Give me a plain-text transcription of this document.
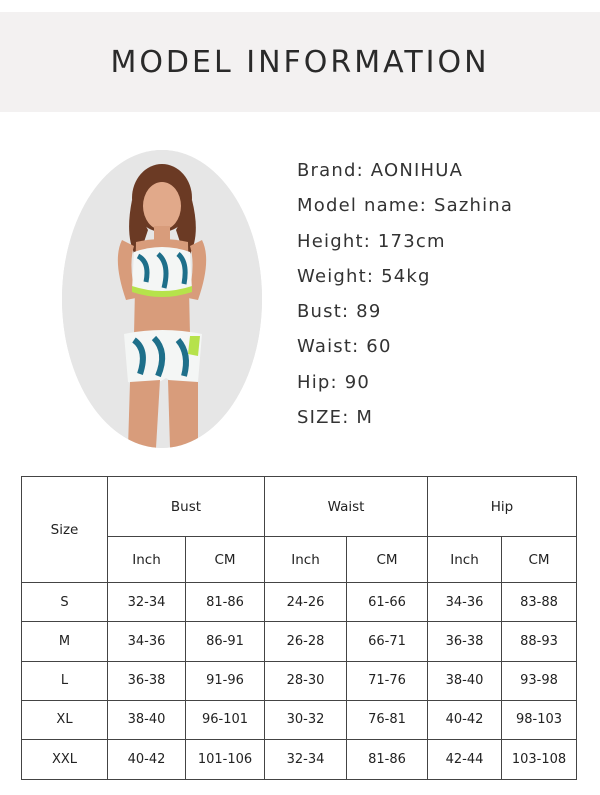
MODEL INFORMATION
Brand: AONIHUA
Model name: Sazhina
Height: 173cm
Weight: 54kg
Bust: 89
Waist: 60
Hip: 90
SIZE: M
Size	Bust		Waist		Hip	
	Inch	CM	Inch	CM	Inch	CM
S	32-34	81-86	24-26	61-66	34-36	83-88
M	34-36	86-91	26-28	66-71	36-38	88-93
L	36-38	91-96	28-30	71-76	38-40	93-98
XL	38-40	96-101	30-32	76-81	40-42	98-103
XXL	40-42	101-106	32-34	81-86	42-44	103-108
